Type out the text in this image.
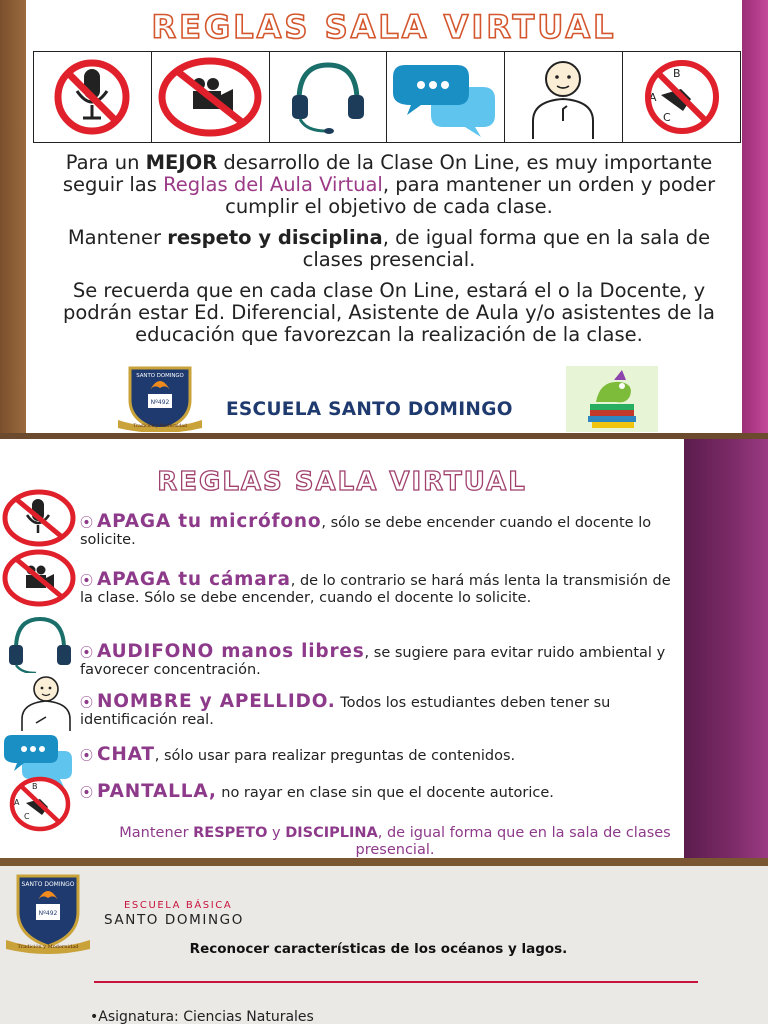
REGLAS SALA VIRTUAL
B
A
C

Para un MEJOR desarrollo de la Clase On Line, es muy importante seguir las Reglas del Aula Virtual, para mantener un orden y poder cumplir el objetivo de cada clase.

Mantener respeto y disciplina, de igual forma que en la sala de clases presencial.

Se recuerda que en cada clase On Line, estará el o la Docente, y podrán estar Ed. Diferencial, Asistente de Aula y/o asistentes de la educación que favorezcan la realización de la clase.

Nº492
SANTO DOMINGO
Tradición y Modernidad
ESCUELA SANTO DOMINGO
REGLAS SALA VIRTUAL
B
A
C
⦿ APAGA tu micrófono, sólo se debe encender cuando el docente lo solicite.
⦿ APAGA tu cámara, de lo contrario se hará más lenta la transmisión de la clase. Sólo se debe encender, cuando el docente lo solicite.
⦿ AUDIFONO manos libres, se sugiere para evitar ruido ambiental y favorecer concentración.
⦿ NOMBRE y APELLIDO. Todos los estudiantes deben tener su identificación real.
⦿ CHAT, sólo usar para realizar preguntas de contenidos.
⦿ PANTALLA, no rayar en clase sin que el docente autorice.
Mantener RESPETO y DISCIPLINA, de igual forma que en la sala de clases presencial.
SANTO DOMINGO
Nº492
Tradición y Modernidad
ESCUELA BÁSICA
SANTO DOMINGO
Reconocer características de los océanos y lagos.
•Asignatura: Ciencias Naturales
